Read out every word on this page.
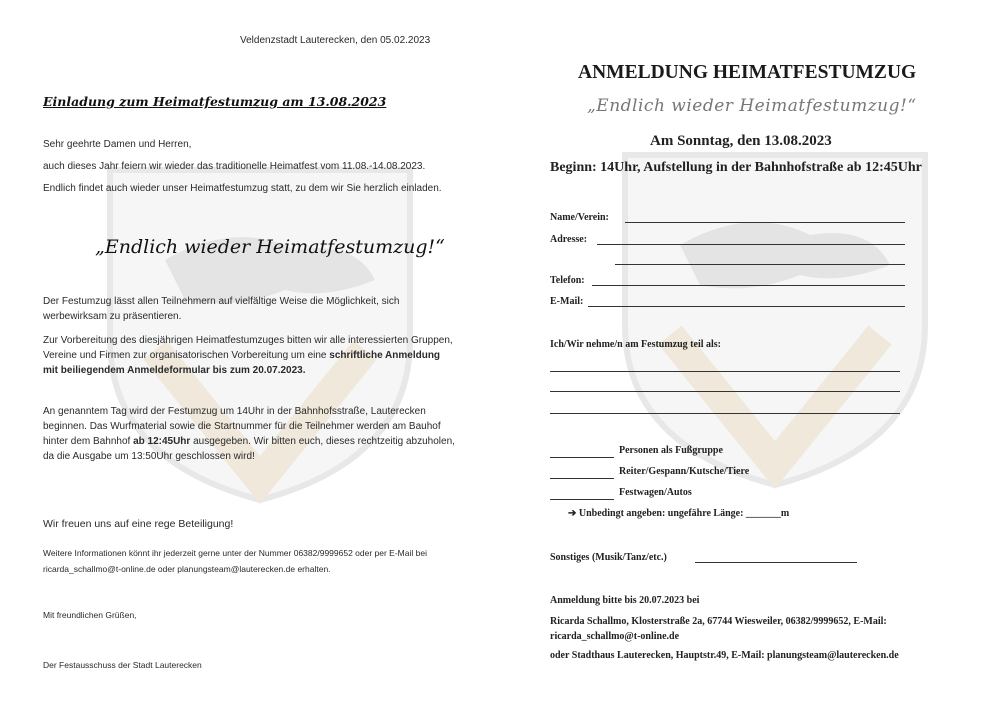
Veldenzstadt Lauterecken, den 05.02.2023

Einladung zum Heimatfestumzug am 13.08.2023

Sehr geehrte Damen und Herren,

auch dieses Jahr feiern wir wieder das traditionelle Heimatfest vom 11.08.-14.08.2023.

Endlich findet auch wieder unser Heimatfestumzug statt, zu dem wir Sie herzlich einladen.

„Endlich wieder Heimatfestumzug!“

Der Festumzug lässt allen Teilnehmern auf vielfältige Weise die Möglichkeit, sich werbewirksam zu präsentieren.

Zur Vorbereitung des diesjährigen Heimatfestumzuges bitten wir alle interessierten Gruppen, Vereine und Firmen zur organisatorischen Vorbereitung um eine schriftliche Anmeldung mit beiliegendem Anmeldeformular bis zum 20.07.2023.

An genanntem Tag wird der Festumzug um 14Uhr in der Bahnhofsstraße, Lauterecken beginnen. Das Wurfmaterial sowie die Startnummer für die Teilnehmer werden am Bauhof hinter dem Bahnhof ab 12:45Uhr ausgegeben. Wir bitten euch, dieses rechtzeitig abzuholen, da die Ausgabe um 13:50Uhr geschlossen wird!

Wir freuen uns auf eine rege Beteiligung!

Weitere Informationen könnt ihr jederzeit gerne unter der Nummer 06382/9999652 oder per E-Mail bei ricarda_schallmo@t-online.de oder planungsteam@lauterecken.de erhalten.

Mit freundlichen Grüßen,

Der Festausschuss der Stadt Lauterecken

ANMELDUNG HEIMATFESTUMZUG

„Endlich wieder Heimatfestumzug!“

Am Sonntag, den 13.08.2023

Beginn: 14Uhr, Aufstellung in der Bahnhofstraße ab 12:45Uhr

Name/Verein:

Adresse:

Telefon:

E-Mail:

Ich/Wir nehme/n am Festumzug teil als:

Personen als Fußgruppe

Reiter/Gespann/Kutsche/Tiere

Festwagen/Autos

➔ Unbedingt angeben: ungefähre Länge: _______m

Sonstiges (Musik/Tanz/etc.)

Anmeldung bitte bis 20.07.2023 bei

Ricarda Schallmo, Klosterstraße 2a, 67744 Wiesweiler, 06382/9999652, E-Mail: ricarda_schallmo@t-online.de

oder Stadthaus Lauterecken, Hauptstr.49, E-Mail: planungsteam@lauterecken.de
